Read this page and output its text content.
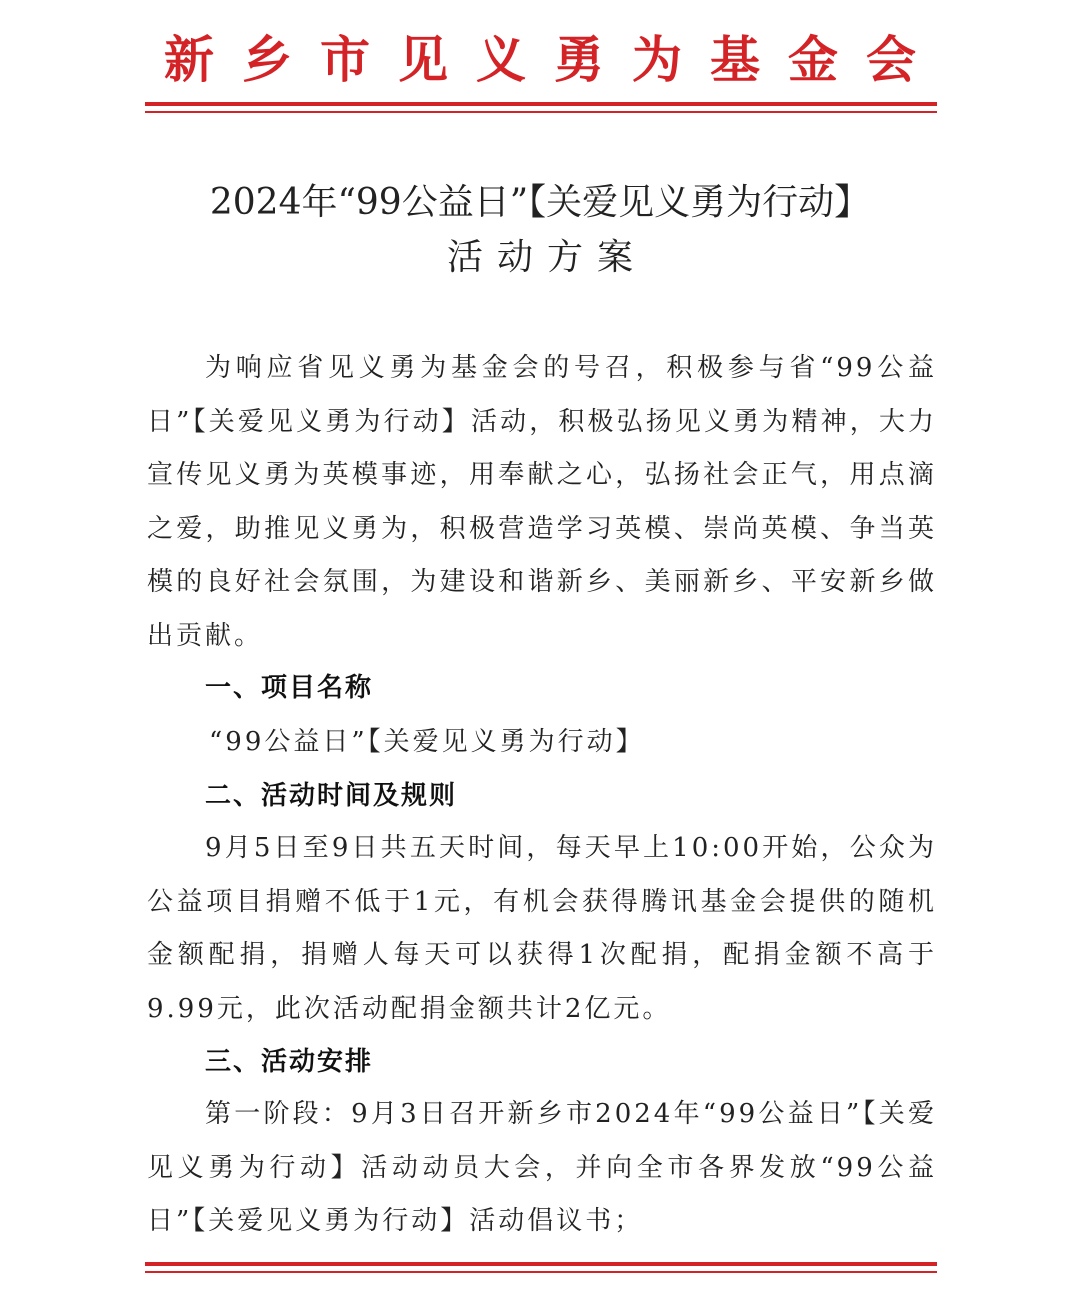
新乡市见义勇为基金会
2024年“99公益日”【关爱见义勇为行动】
活动方案
为响应省见义勇为基金会的号召，积极参与省“99公益日”【关爱见义勇为行动】活动，积极弘扬见义勇为精神，大力宣传见义勇为英模事迹，用奉献之心，弘扬社会正气，用点滴之爱，助推见义勇为，积极营造学习英模、崇尚英模、争当英模的良好社会氛围，为建设和谐新乡、美丽新乡、平安新乡做出贡献。
一、项目名称
“99公益日”【关爱见义勇为行动】
二、活动时间及规则
9月5日至9日共五天时间，每天早上10:00开始，公众为公益项目捐赠不低于1元，有机会获得腾讯基金会提供的随机金额配捐，捐赠人每天可以获得1次配捐，配捐金额不高于9.99元，此次活动配捐金额共计2亿元。
三、活动安排
第一阶段：9月3日召开新乡市2024年“99公益日”【关爱见义勇为行动】活动动员大会，并向全市各界发放“99公益日”【关爱见义勇为行动】活动倡议书；
